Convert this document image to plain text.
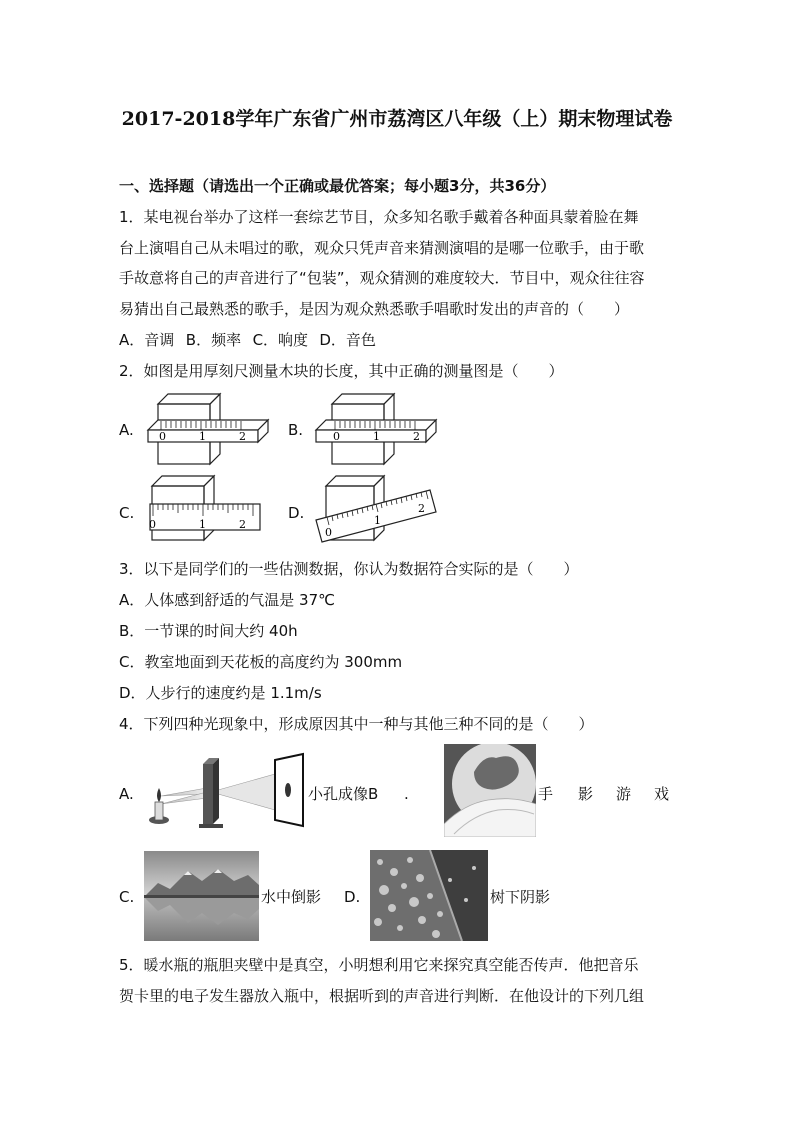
2017-2018学年广东省广州市荔湾区八年级（上）期末物理试卷
一、选择题（请选出一个正确或最优答案；每小题3分，共36分）
1．某电视台举办了这样一套综艺节目，众多知名歌手戴着各种面具蒙着脸在舞
台上演唱自己从未唱过的歌，观众只凭声音来猜测演唱的是哪一位歌手，由于歌
手故意将自己的声音进行了“包装”，观众猜测的难度较大．节目中，观众往往容
易猜出自己最熟悉的歌手，是因为观众熟悉歌手唱歌时发出的声音的（　　）
A．音调 B．频率 C．响度 D．音色
2．如图是用厚刻尺测量木块的长度，其中正确的测量图是（　　）
A. 0	1	2	B.	0	1	2
C.
0	1	2
D.
0
1
2
3．以下是同学们的一些估测数据，你认为数据符合实际的是（　　）
A．人体感到舒适的气温是 37℃
B．一节课的时间大约 40h
C．教室地面到天花板的高度约为 300mm
D．人步行的速度约是 1.1m/s
4．下列四种光现象中，形成原因其中一种与其他三种不同的是（　　）
A.	小孔成像B .	手 影 游 戏
C.	水中倒影 D.	树下阴影
5．暖水瓶的瓶胆夹壁中是真空，小明想利用它来探究真空能否传声．他把音乐
贺卡里的电子发生器放入瓶中，根据听到的声音进行判断．在他设计的下列几组
